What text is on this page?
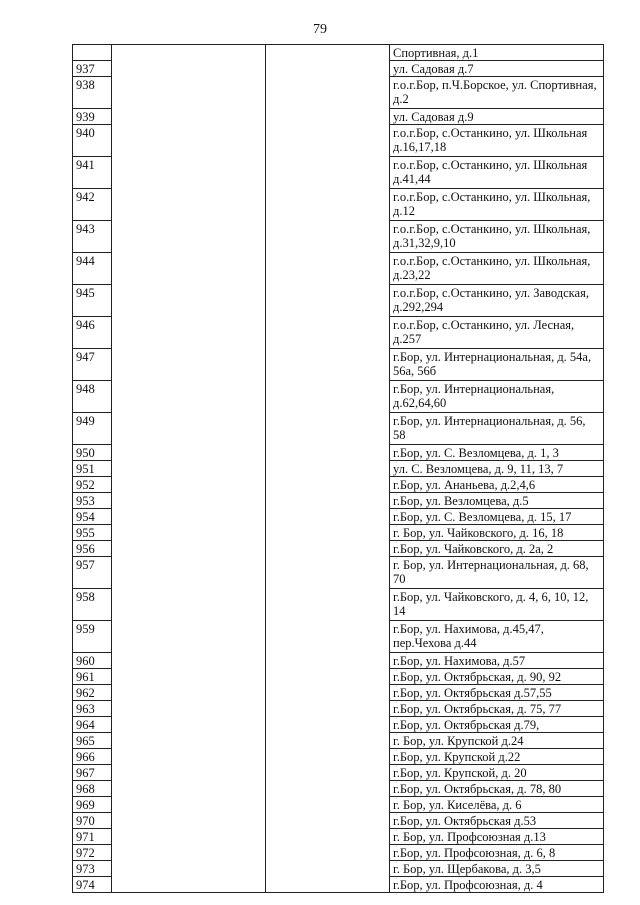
79
			Спортивная, д.1
937			ул. Садовая д.7
938			г.о.г.Бор, п.Ч.Борское, ул. Спортивная, д.2
939			ул. Садовая д.9
940			г.о.г.Бор, с.Останкино, ул. Школьная д.16,17,18
941			г.о.г.Бор, с.Останкино, ул. Школьная д.41,44
942			г.о.г.Бор, с.Останкино, ул. Школьная, д.12
943			г.о.г.Бор, с.Останкино, ул. Школьная, д.31,32,9,10
944			г.о.г.Бор, с.Останкино, ул. Школьная, д.23,22
945			г.о.г.Бор, с.Останкино, ул. Заводская, д.292,294
946			г.о.г.Бор, с.Останкино, ул. Лесная, д.257
947			г.Бор, ул. Интернациональная, д. 54а, 56а, 56б
948			г.Бор, ул. Интернациональная, д.62,64,60
949			г.Бор, ул. Интернациональная, д. 56, 58
950			г.Бор, ул. С. Везломцева, д. 1, 3
951			ул. С. Везломцева, д. 9, 11, 13, 7
952			г.Бор, ул. Ананьева, д.2,4,6
953			г.Бор, ул. Везломцева, д.5
954			г.Бор, ул. С. Везломцева, д. 15, 17
955			г. Бор, ул. Чайковского, д. 16, 18
956			г.Бор, ул. Чайковского, д. 2а, 2
957			г. Бор, ул. Интернациональная, д. 68, 70
958			г.Бор, ул. Чайковского, д. 4, 6, 10, 12, 14
959			г.Бор, ул. Нахимова, д.45,47, пер.Чехова д.44
960			г.Бор, ул. Нахимова, д.57
961			г.Бор, ул. Октябрьская, д. 90, 92
962			г.Бор, ул. Октябрьская д.57,55
963			г.Бор, ул. Октябрьская, д. 75, 77
964			г.Бор, ул. Октябрьская д.79,
965			г. Бор, ул. Крупской д.24
966			г.Бор, ул. Крупской д.22
967			г.Бор, ул. Крупской, д. 20
968			г.Бор, ул. Октябрьская, д. 78, 80
969			г. Бор, ул. Киселёва, д. 6
970			г.Бор, ул. Октябрьская д.53
971			г. Бор, ул. Профсоюзная д.13
972			г.Бор, ул. Профсоюзная, д. 6, 8
973			г. Бор, ул. Щербакова, д. 3,5
974			г.Бор, ул. Профсоюзная, д. 4
